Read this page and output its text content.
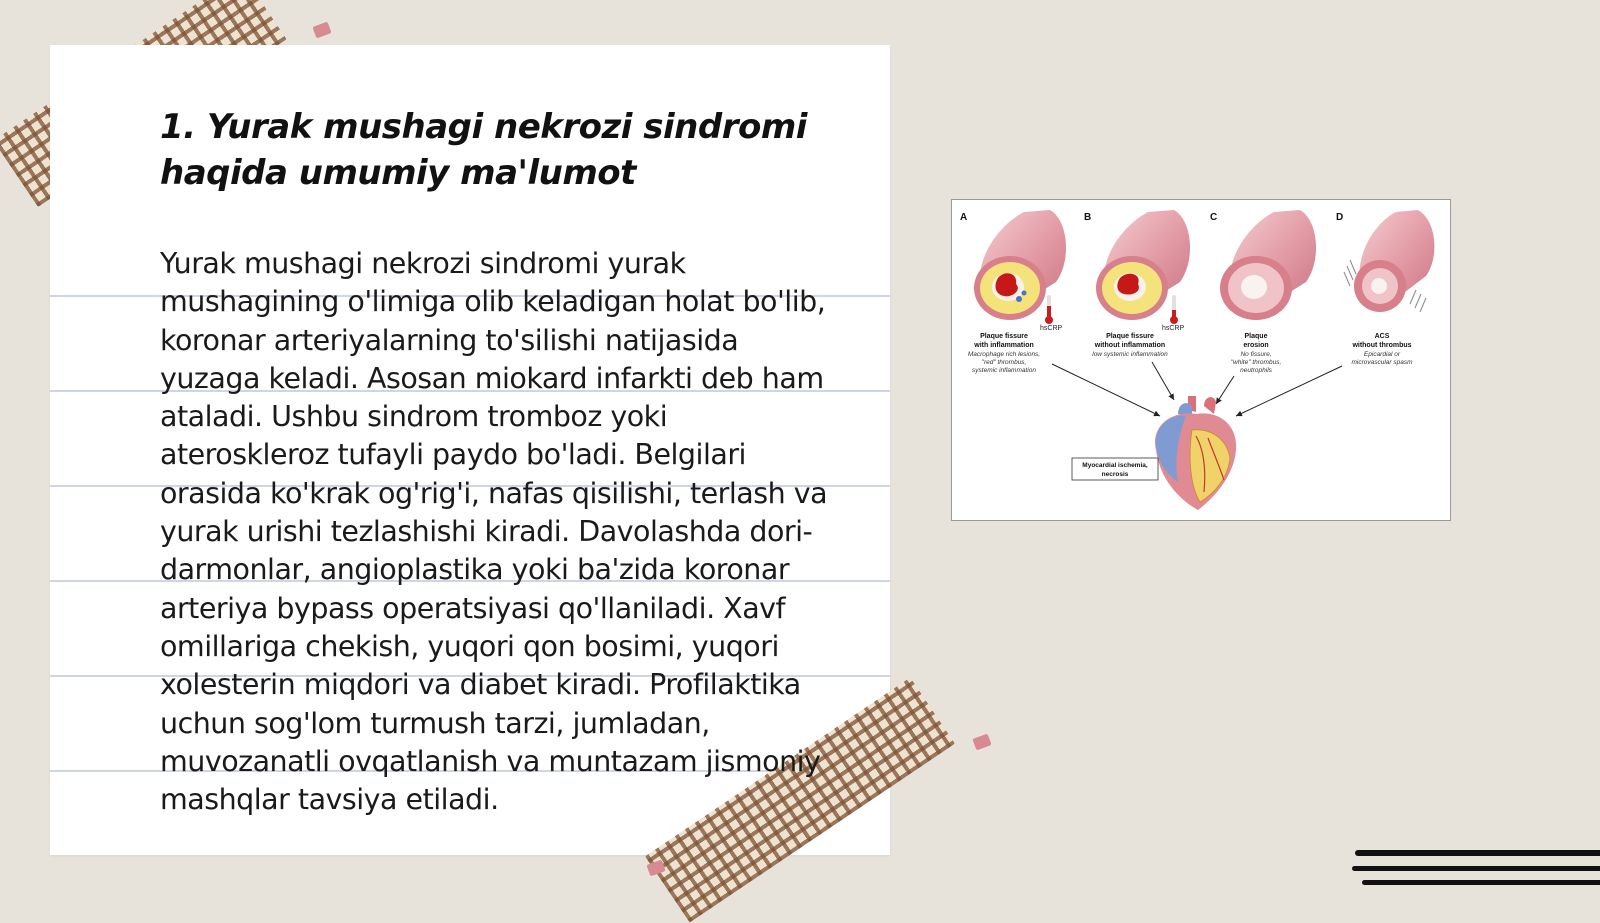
1. Yurak mushagi nekrozi sindromi haqida umumiy ma'lumot

Yurak mushagi nekrozi sindromi yurak mushagining o'limiga olib keladigan holat bo'lib, koronar arteriyalarning to'silishi natijasida yuzaga keladi. Asosan miokard infarkti deb ham ataladi. Ushbu sindrom tromboz yoki ateroskleroz tufayli paydo bo'ladi. Belgilari orasida ko'krak og'rig'i, nafas qisilishi, terlash va yurak urishi tezlashishi kiradi. Davolashda dori-darmonlar, angioplastika yoki ba'zida koronar arteriya bypass operatsiyasi qo'llaniladi. Xavf omillariga chekish, yuqori qon bosimi, yuqori xolesterin miqdori va diabet kiradi. Profilaktika uchun sog'lom turmush tarzi, jumladan, muvozanatli ovqatlanish va muntazam jismoniy mashqlar tavsiya etiladi.

A
hsCRP
Plaque fissure
with inflammation
Macrophage rich lesions,
"red" thrombus,
systemic inflammation
B
hsCRP
Plaque fissure
without inflammation
low systemic inflammation
C
Plaque
erosion
No fissure,
"white" thrombus,
neutrophils
D
ACS
without thrombus
Epicardial or
microvascular spasm
Myocardial ischemia,
necrosis
